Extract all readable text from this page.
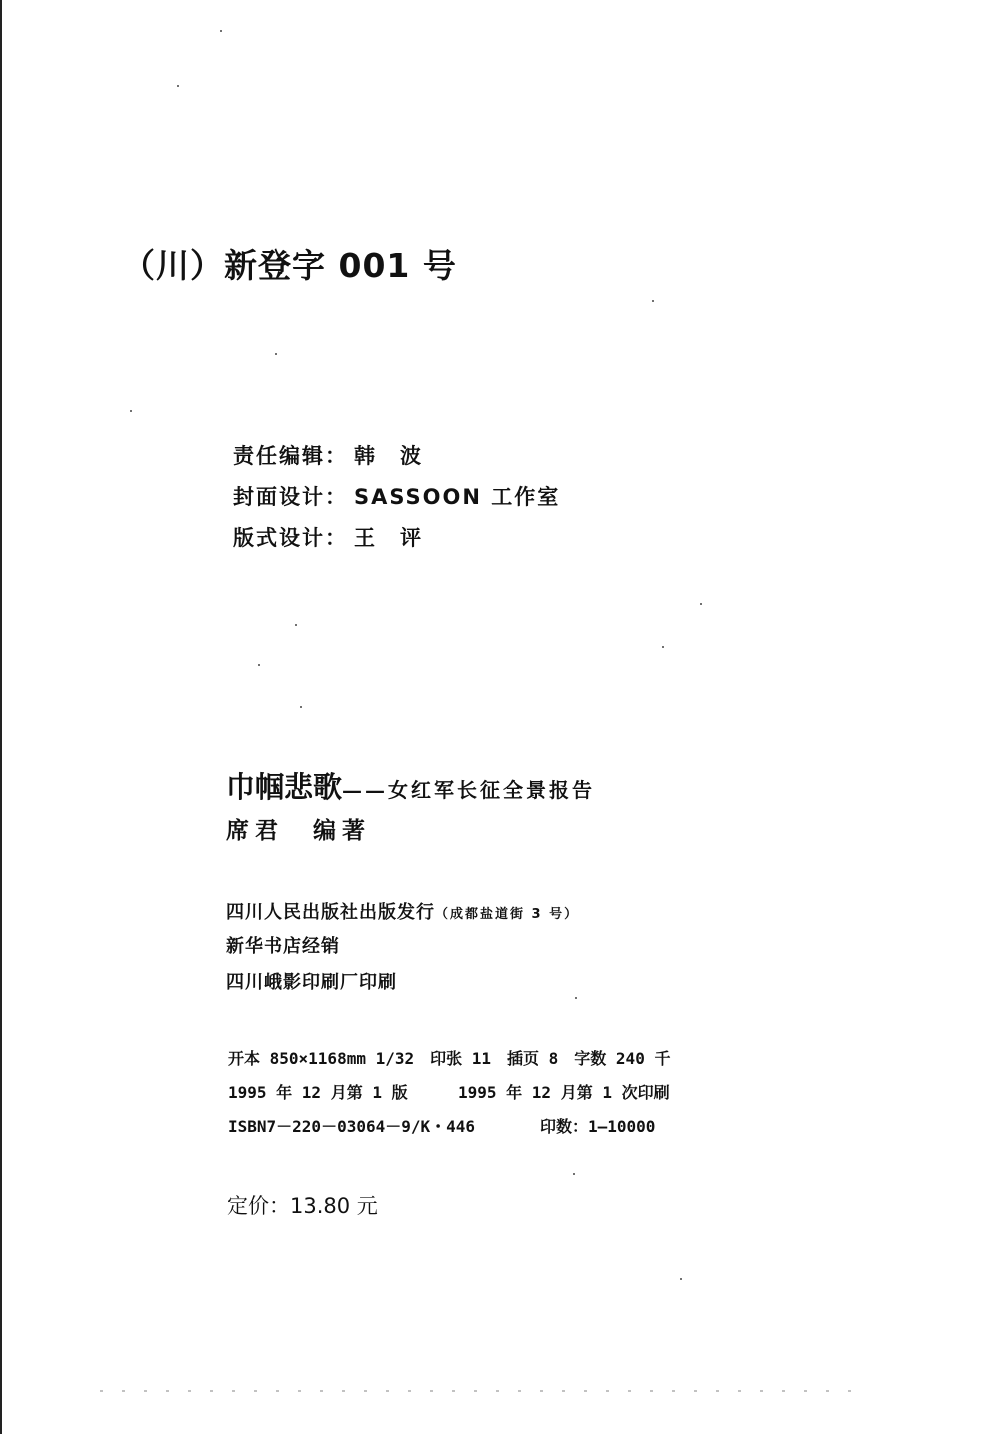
（川）新登字 001 号
责任编辑： 韩　波
封面设计： SASSOON 工作室
版式设计： 王　评
巾帼悲歌——女红军长征全景报告
席君　编著
四川人民出版社出版发行（成都盐道街 3 号）
新华书店经销
四川峨影印刷厂印刷
开本 850×1168mm 1/32　印张 11　插页 8　字数 240 千
1995 年 12 月第 1 版	1995 年 12 月第 1 次印刷
ISBN7－220－03064－9/K・446	印数：1—10000
定价：13.80 元
